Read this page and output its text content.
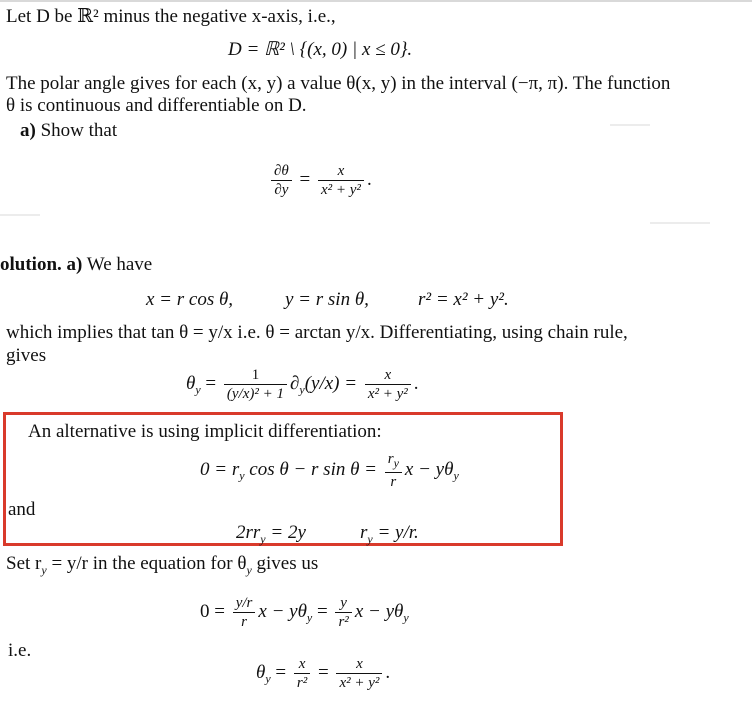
Let D be ℝ² minus the negative x-axis, i.e.,
D = ℝ² \ {(x, 0) | x ≤ 0}.
The polar angle gives for each (x, y) a value θ(x, y) in the interval (−π, π). The function
θ is continuous and differentiable on D.
a) Show that
$\frac{\partial\theta}{\partial y} = \frac{x}{\text{x² + y²}}$ .
olution. a) We have
x = r cos θ,	y = r sin θ,	r² = x² + y².
which implies that tan θ = y/x i.e. θ = arctan y/x. Differentiating, using chain rule,
gives
$\theta_y = \frac{1}{\text{(y/x)² + 1}} \partial_y(y/x) = \frac{x}{\text{x² + y²}}$ .
An alternative is using implicit differentiation:
$0 = r_y$ cos θ − r $\sin \theta = \frac{r_y}{r}$ $x - y\theta_y$
and
$2rr_y = 2y$	$r_y = y/r$.
Set $r_y = y/r$ in the equation for $\theta_y$ gives us
$0 = \frac{y/r}{r}$ $x - y\theta_y = \frac{y}{\text{r²}}$ $x - y\theta_y$
i.e.
$\theta_y = \frac{x}{\text{r²}} = \frac{x}{\text{x² + y²}}$ .
